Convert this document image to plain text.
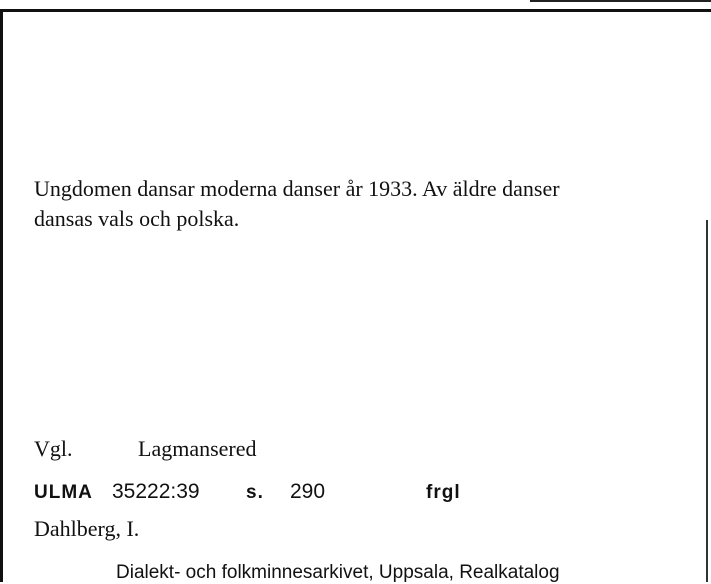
Ungdomen dansar moderna danser år 1933. Av äldre danser
dansas vals och polska.
Vgl.	Lagmansered
ULMA 35222:39 s. 290	frgl
Dahlberg, I.
Dialekt- och folkminnesarkivet, Uppsala, Realkatalog
